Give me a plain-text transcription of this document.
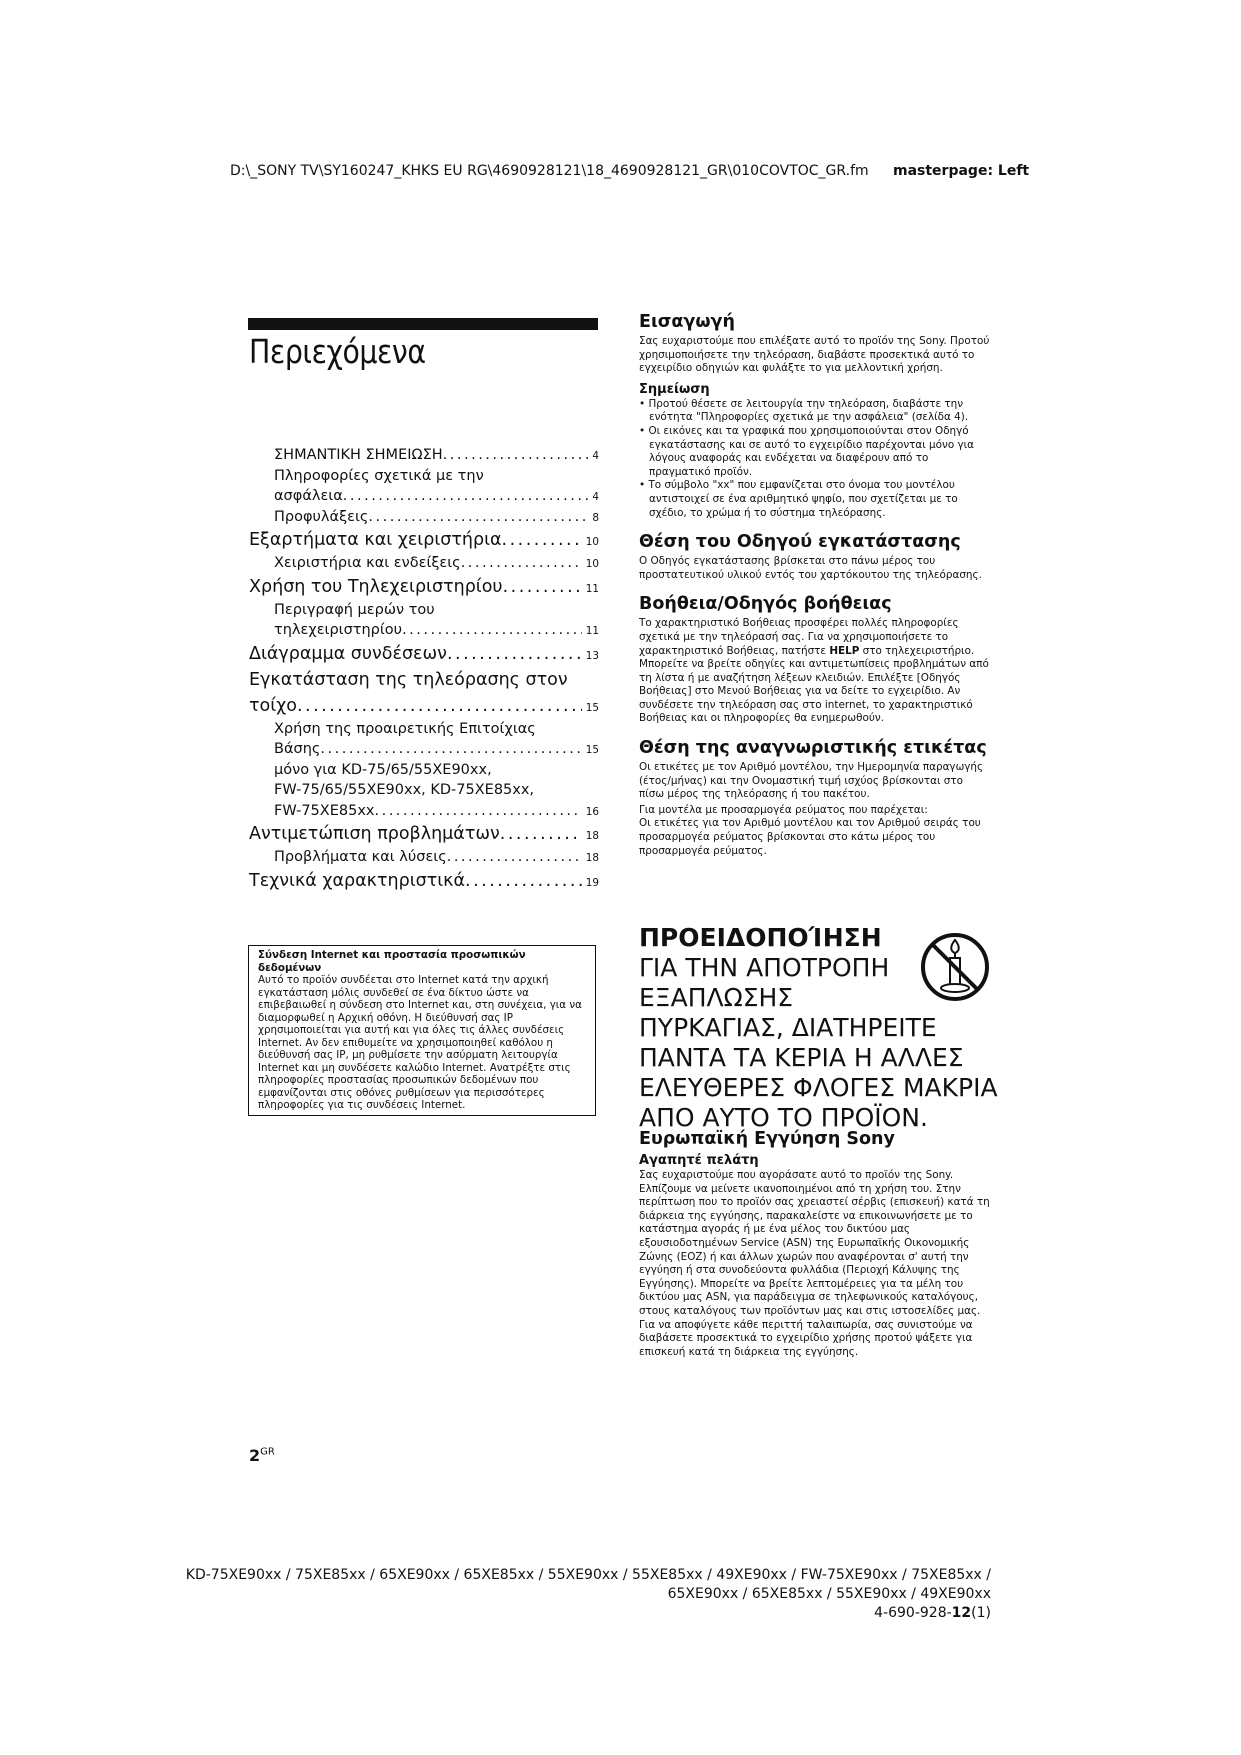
D:\_SONY TV\SY160247_KHKS EU RG\4690928121\18_4690928121_GR\010COVTOC_GR.fm masterpage: Left
Περιεχόμενα
ΣΗΜΑΝΤΙΚΗ ΣΗΜΕΙΩΣΗ .....	4
Πληροφορίες σχετικά με την
ασφάλεια .....	4
Προφυλάξεις .....	8
Εξαρτήματα και χειριστήρια .....	10
Χειριστήρια και ενδείξεις .....	10
Χρήση του Τηλεχειριστηρίου .....	11
Περιγραφή μερών του
τηλεχειριστηρίου .....	11
Διάγραμμα συνδέσεων .....	13
Εγκατάσταση της τηλεόρασης στον
τοίχο .....	15
Χρήση της προαιρετικής Επιτοίχιας
Βάσης .....	15
μόνο για KD-75/65/55XE90xx,
FW-75/65/55XE90xx, KD-75XE85xx,
FW-75XE85xx .....	16
Αντιμετώπιση προβλημάτων .....	18
Προβλήματα και λύσεις .....	18
Τεχνικά χαρακτηριστικά .....	19
Σύνδεση Internet και προστασία προσωπικών δεδομένων
Αυτό το προϊόν συνδέεται στο Internet κατά την αρχική εγκατάσταση μόλις συνδεθεί σε ένα δίκτυο ώστε να επιβεβαιωθεί η σύνδεση στο Internet και, στη συνέχεια, για να διαμορφωθεί η Αρχική οθόνη. Η διεύθυνσή σας IP χρησιμοποιείται για αυτή και για όλες τις άλλες συνδέσεις Internet. Αν δεν επιθυμείτε να χρησιμοποιηθεί καθόλου η διεύθυνσή σας IP, μη ρυθμίσετε την ασύρματη λειτουργία Internet και μη συνδέσετε καλώδιο Internet. Ανατρέξτε στις πληροφορίες προστασίας προσωπικών δεδομένων που εμφανίζονται στις οθόνες ρυθμίσεων για περισσότερες πληροφορίες για τις συνδέσεις Internet.
Εισαγωγή

Σας ευχαριστούμε που επιλέξατε αυτό το προϊόν της Sony. Προτού χρησιμοποιήσετε την τηλεόραση, διαβάστε προσεκτικά αυτό το εγχειρίδιο οδηγιών και φυλάξτε το για μελλοντική χρήση.

Σημείωση

• Προτού θέσετε σε λειτουργία την τηλεόραση, διαβάστε την ενότητα "Πληροφορίες σχετικά με την ασφάλεια" (σελίδα 4).

• Οι εικόνες και τα γραφικά που χρησιμοποιούνται στον Οδηγό εγκατάστασης και σε αυτό το εγχειρίδιο παρέχονται μόνο για λόγους αναφοράς και ενδέχεται να διαφέρουν από το πραγματικό προϊόν.

• Το σύμβολο "xx" που εμφανίζεται στο όνομα του μοντέλου αντιστοιχεί σε ένα αριθμητικό ψηφίο, που σχετίζεται με το σχέδιο, το χρώμα ή το σύστημα τηλεόρασης.

Θέση του Οδηγού εγκατάστασης

Ο Οδηγός εγκατάστασης βρίσκεται στο πάνω μέρος του προστατευτικού υλικού εντός του χαρτόκουτου της τηλεόρασης.

Βοήθεια/Οδηγός βοήθειας

Το χαρακτηριστικό Βοήθειας προσφέρει πολλές πληροφορίες σχετικά με την τηλεόρασή σας. Για να χρησιμοποιήσετε το χαρακτηριστικό Βοήθειας, πατήστε HELP στο τηλεχειριστήριο. Μπορείτε να βρείτε οδηγίες και αντιμετωπίσεις προβλημάτων από τη λίστα ή με αναζήτηση λέξεων κλειδιών. Επιλέξτε [Οδηγός Βοήθειας] στο Μενού Βοήθειας για να δείτε το εγχειρίδιο. Αν συνδέσετε την τηλεόραση σας στο internet, το χαρακτηριστικό Βοήθειας και οι πληροφορίες θα ενημερωθούν.

Θέση της αναγνωριστικής ετικέτας

Οι ετικέτες με τον Αριθμό μοντέλου, την Ημερομηνία παραγωγής (έτος/μήνας) και την Ονομαστική τιμή ισχύος βρίσκονται στο πίσω μέρος της τηλεόρασης ή του πακέτου.

Για μοντέλα με προσαρμογέα ρεύματος που παρέχεται:

Οι ετικέτες για τον Αριθμό μοντέλου και τον Αριθμού σειράς του προσαρμογέα ρεύματος βρίσκονται στο κάτω μέρος του προσαρμογέα ρεύματος.

ΠΡΟΕΙΔΟΠΟΊΗΣΗ
ΓΙΑ ΤΗΝ ΑΠΟΤΡΟΠΗ
ΕΞΑΠΛΩΣΗΣ
ΠΥΡΚΑΓΙΑΣ, ΔΙΑΤΗΡΕΙΤΕ
ΠΑΝΤΑ ΤΑ ΚΕΡΙΑ Η ΑΛΛΕΣ
ΕΛΕΥΘΕΡΕΣ ΦΛΟΓΕΣ ΜΑΚΡΙΑ
ΑΠΟ ΑΥΤΟ ΤΟ ΠΡΟΪΟΝ.
Ευρωπαϊκή Εγγύηση Sony
Αγαπητέ πελάτη

Σας ευχαριστούμε που αγοράσατε αυτό το προϊόν της Sony. Ελπίζουμε να μείνετε ικανοποιημένοι από τη χρήση του. Στην περίπτωση που το προϊόν σας χρειαστεί σέρβις (επισκευή) κατά τη διάρκεια της εγγύησης, παρακαλείστε να επικοινωνήσετε με το κατάστημα αγοράς ή με ένα μέλος του δικτύου μας εξουσιοδοτημένων Service (ASN) της Ευρωπαϊκής Οικονομικής Ζώνης (ΕΟΖ) ή και άλλων χωρών που αναφέρονται σ' αυτή την εγγύηση ή στα συνοδεύοντα φυλλάδια (Περιοχή Κάλυψης της Εγγύησης). Μπορείτε να βρείτε λεπτομέρειες για τα μέλη του δικτύου μας ASN, για παράδειγμα σε τηλεφωνικούς καταλόγους, στους καταλόγους των προϊόντων μας και στις ιστοσελίδες μας. Για να αποφύγετε κάθε περιττή ταλαιπωρία, σας συνιστούμε να διαβάσετε προσεκτικά το εγχειρίδιο χρήσης προτού ψάξετε για επισκευή κατά τη διάρκεια της εγγύησης.

$2^{GR}$
KD-75XE90xx / 75XE85xx / 65XE90xx / 65XE85xx / 55XE90xx / 55XE85xx / 49XE90xx / FW-75XE90xx / 75XE85xx /
65XE90xx / 65XE85xx / 55XE90xx / 49XE90xx
4-690-928-12(1)
